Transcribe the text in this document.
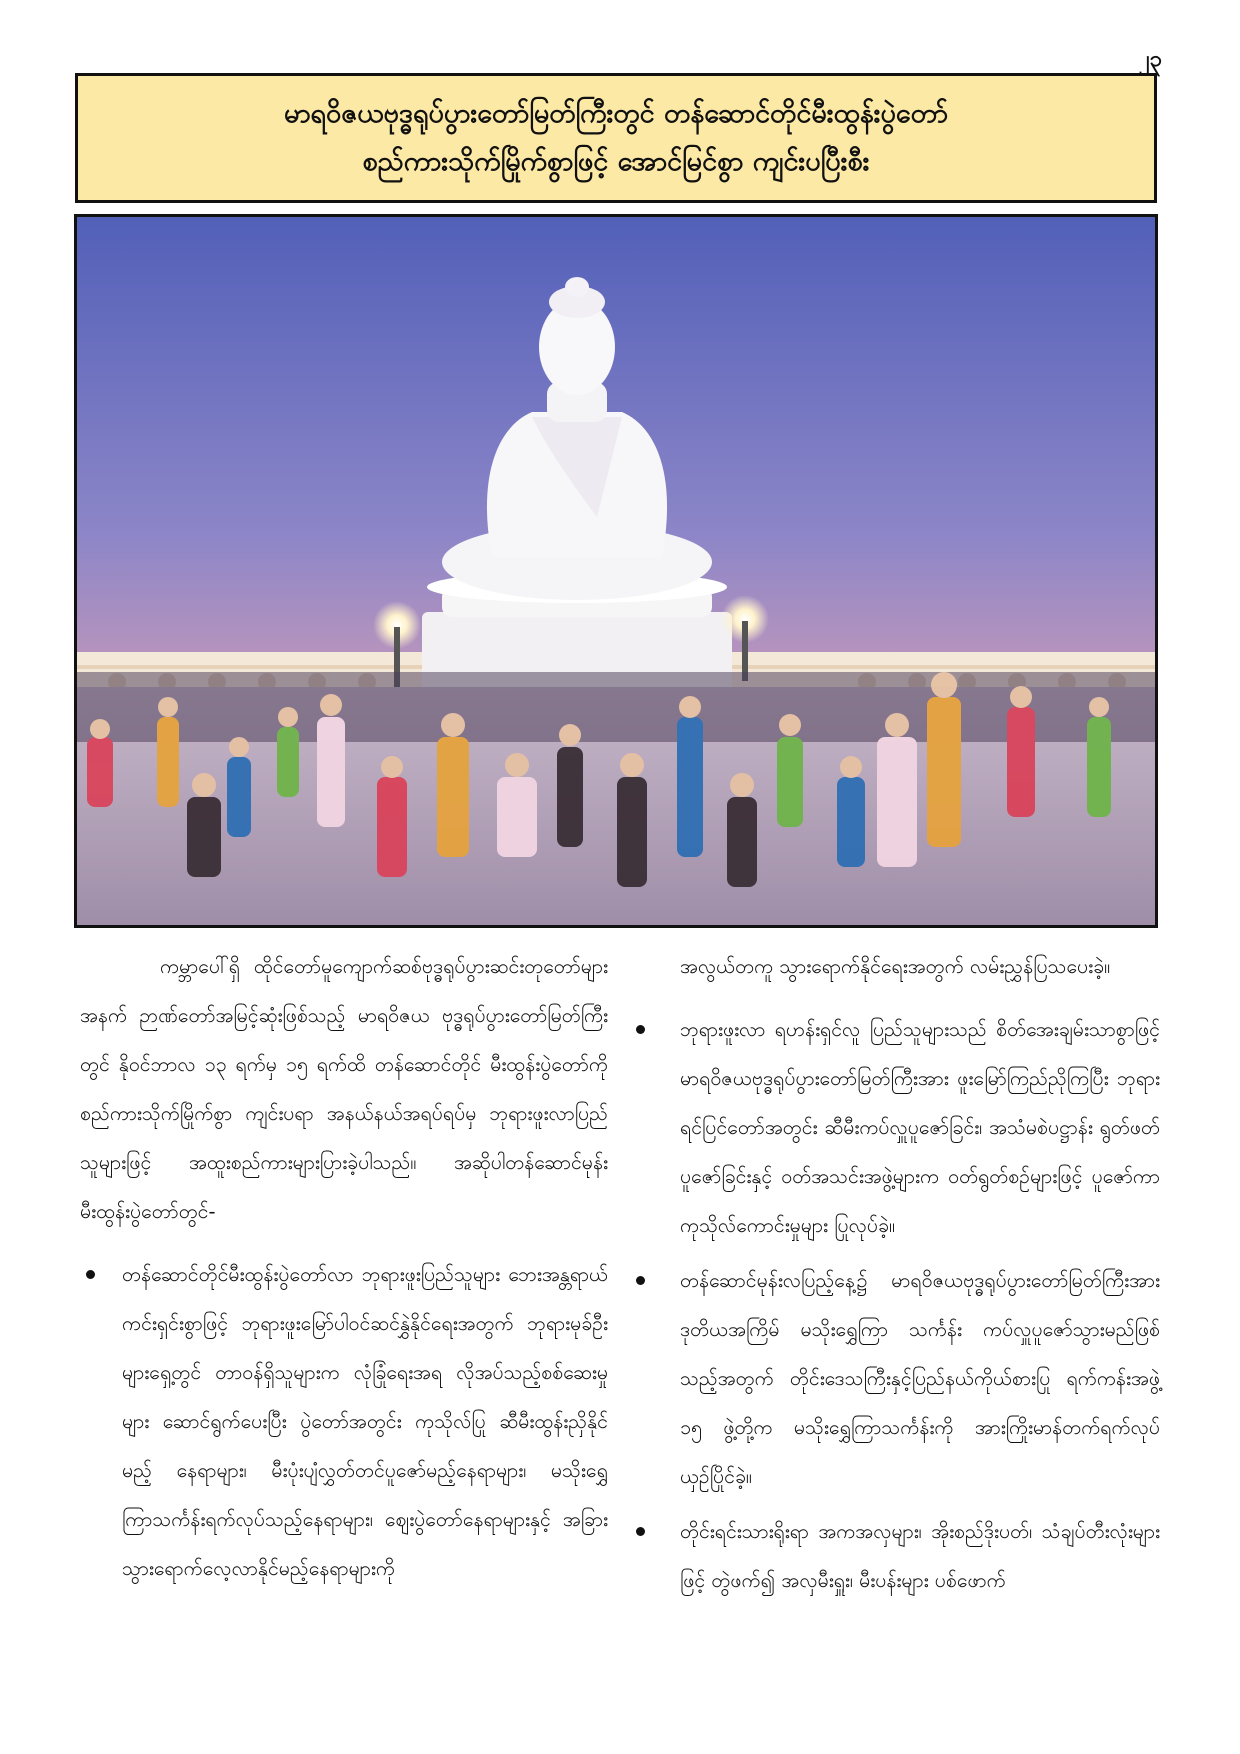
၂၃
မာရဝိဇယဗုဒ္ဓရုပ်ပွားတော်မြတ်ကြီးတွင် တန်ဆောင်တိုင်မီးထွန်းပွဲတော်
စည်ကားသိုက်မြိုက်စွာဖြင့် အောင်မြင်စွာ ကျင်းပပြီးစီး

ကမ္ဘာပေါ်ရှိ ထိုင်တော်မူကျောက်ဆစ်ဗုဒ္ဓရုပ်ပွားဆင်းတုတော်များအနက် ဉာဏ်တော်အမြင့်ဆုံးဖြစ်သည့် မာရဝိဇယ ဗုဒ္ဓရုပ်ပွားတော်မြတ်ကြီးတွင် နိုဝင်ဘာလ ၁၃ ရက်မှ ၁၅ ရက်ထိ တန်ဆောင်တိုင် မီးထွန်းပွဲတော်ကို စည်ကားသိုက်မြိုက်စွာ ကျင်းပရာ အနယ်နယ်အရပ်ရပ်မှ ဘုရားဖူးလာပြည်သူများဖြင့် အထူးစည်ကားများပြားခဲ့ပါသည်။ အဆိုပါတန်ဆောင်မုန်း မီးထွန်းပွဲတော်တွင်-

တန်ဆောင်တိုင်မီးထွန်းပွဲတော်လာ ဘုရားဖူးပြည်သူများ ဘေးအန္တရာယ်ကင်းရှင်းစွာဖြင့် ဘုရားဖူးမြော်ပါဝင်ဆင်နွှဲနိုင်ရေးအတွက် ဘုရားမုခ်ဦးများရှေ့တွင် တာဝန်ရှိသူများက လုံခြုံရေးအရ လိုအပ်သည့်စစ်ဆေးမှုများ ဆောင်ရွက်ပေးပြီး ပွဲတော်အတွင်း ကုသိုလ်ပြု ဆီမီးထွန်းညှိနိုင်မည့် နေရာများ၊ မီးပုံးပျံလွှတ်တင်ပူဇော်မည့်နေရာများ၊ မသိုးရွှေကြာသင်္ကန်းရက်လုပ်သည့်နေရာများ၊ ဈေးပွဲတော်နေရာများနှင့် အခြားသွားရောက်လေ့လာနိုင်မည့်နေရာများကို

အလွယ်တကူ သွားရောက်နိုင်ရေးအတွက် လမ်းညွှန်ပြသပေးခဲ့။

ဘုရားဖူးလာ ရဟန်းရှင်လူ ပြည်သူများသည် စိတ်အေးချမ်းသာစွာဖြင့် မာရဝိဇယဗုဒ္ဓရုပ်ပွားတော်မြတ်ကြီးအား ဖူးမြော်ကြည်ညိုကြပြီး ဘုရားရင်ပြင်တော်အတွင်း ဆီမီးကပ်လှူပူဇော်ခြင်း၊ အသံမစဲပဋ္ဌာန်း ရွတ်ဖတ်ပူဇော်ခြင်းနှင့် ဝတ်အသင်းအဖွဲ့များက ဝတ်ရွတ်စဉ်များဖြင့် ပူဇော်ကာ ကုသိုလ်ကောင်းမှုများ ပြုလုပ်ခဲ့။
တန်ဆောင်မုန်းလပြည့်နေ့၌ မာရဝိဇယဗုဒ္ဓရုပ်ပွားတော်မြတ်ကြီးအား ဒုတိယအကြိမ် မသိုးရွှေကြာ သင်္ကန်း ကပ်လှူပူဇော်သွားမည်ဖြစ်သည့်အတွက် တိုင်းဒေသကြီးနှင့်ပြည်နယ်ကိုယ်စားပြု ရက်ကန်းအဖွဲ့ ၁၅ ဖွဲ့တို့က မသိုးရွှေကြာသင်္ကန်းကို အားကြိုးမာန်တက်ရက်လုပ်ယှဉ်ပြိုင်ခဲ့။
တိုင်းရင်းသားရိုးရာ အကအလှများ၊ အိုးစည်ဒိုးပတ်၊ သံချပ်တီးလုံးများဖြင့် တွဲဖက်၍ အလှမီးရှူး၊ မီးပန်းများ ပစ်ဖောက်
